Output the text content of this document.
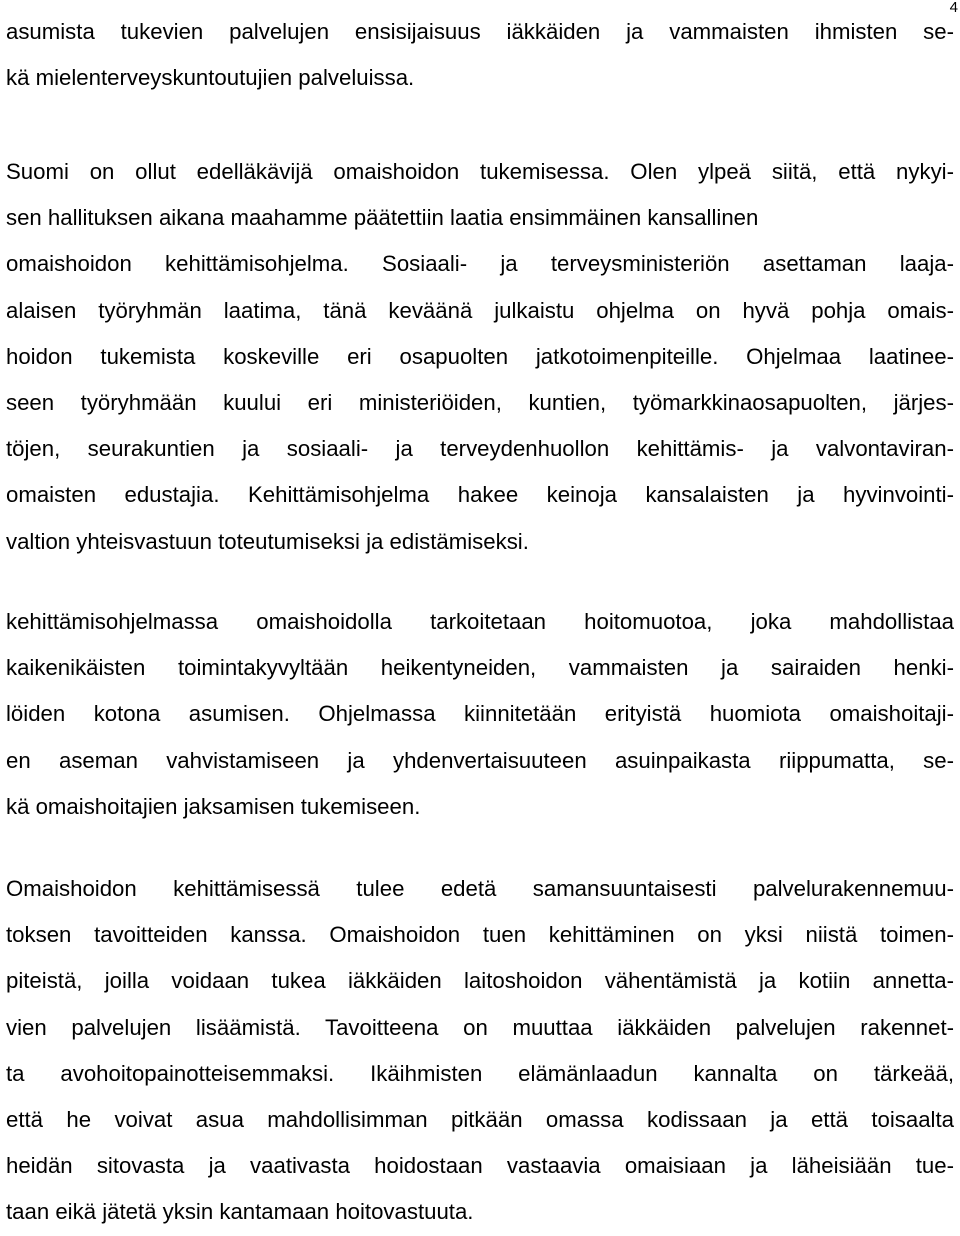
4
asumista tukevien palvelujen ensisijaisuus iäkkäiden ja vammaisten ihmisten se-
kä mielenterveyskuntoutujien palveluissa.
Suomi on ollut edelläkävijä omaishoidon tukemisessa. Olen ylpeä siitä, että nykyi-
sen hallituksen aikana maahamme päätettiin laatia ensimmäinen kansallinen
omaishoidon kehittämisohjelma. Sosiaali- ja terveysministeriön asettaman laaja-
alaisen työryhmän laatima, tänä keväänä julkaistu ohjelma on hyvä pohja omais-
hoidon tukemista koskeville eri osapuolten jatkotoimenpiteille. Ohjelmaa laatinee-
seen työryhmään kuului eri ministeriöiden, kuntien, työmarkkinaosapuolten, järjes-
töjen, seurakuntien ja sosiaali- ja terveydenhuollon kehittämis- ja valvontaviran-
omaisten edustajia. Kehittämisohjelma hakee keinoja kansalaisten ja hyvinvointi-
valtion yhteisvastuun toteutumiseksi ja edistämiseksi.
kehittämisohjelmassa omaishoidolla tarkoitetaan hoitomuotoa, joka mahdollistaa
kaikenikäisten toimintakyvyltään heikentyneiden, vammaisten ja sairaiden henki-
löiden kotona asumisen. Ohjelmassa kiinnitetään erityistä huomiota omaishoitaji-
en aseman vahvistamiseen ja yhdenvertaisuuteen asuinpaikasta riippumatta, se-
kä omaishoitajien jaksamisen tukemiseen.
Omaishoidon kehittämisessä tulee edetä samansuuntaisesti palvelurakennemuu-
toksen tavoitteiden kanssa. Omaishoidon tuen kehittäminen on yksi niistä toimen-
piteistä, joilla voidaan tukea iäkkäiden laitoshoidon vähentämistä ja kotiin annetta-
vien palvelujen lisäämistä. Tavoitteena on muuttaa iäkkäiden palvelujen rakennet-
ta avohoitopainotteisemmaksi. Ikäihmisten elämänlaadun kannalta on tärkeää,
että he voivat asua mahdollisimman pitkään omassa kodissaan ja että toisaalta
heidän sitovasta ja vaativasta hoidostaan vastaavia omaisiaan ja läheisiään tue-
taan eikä jätetä yksin kantamaan hoitovastuuta.
